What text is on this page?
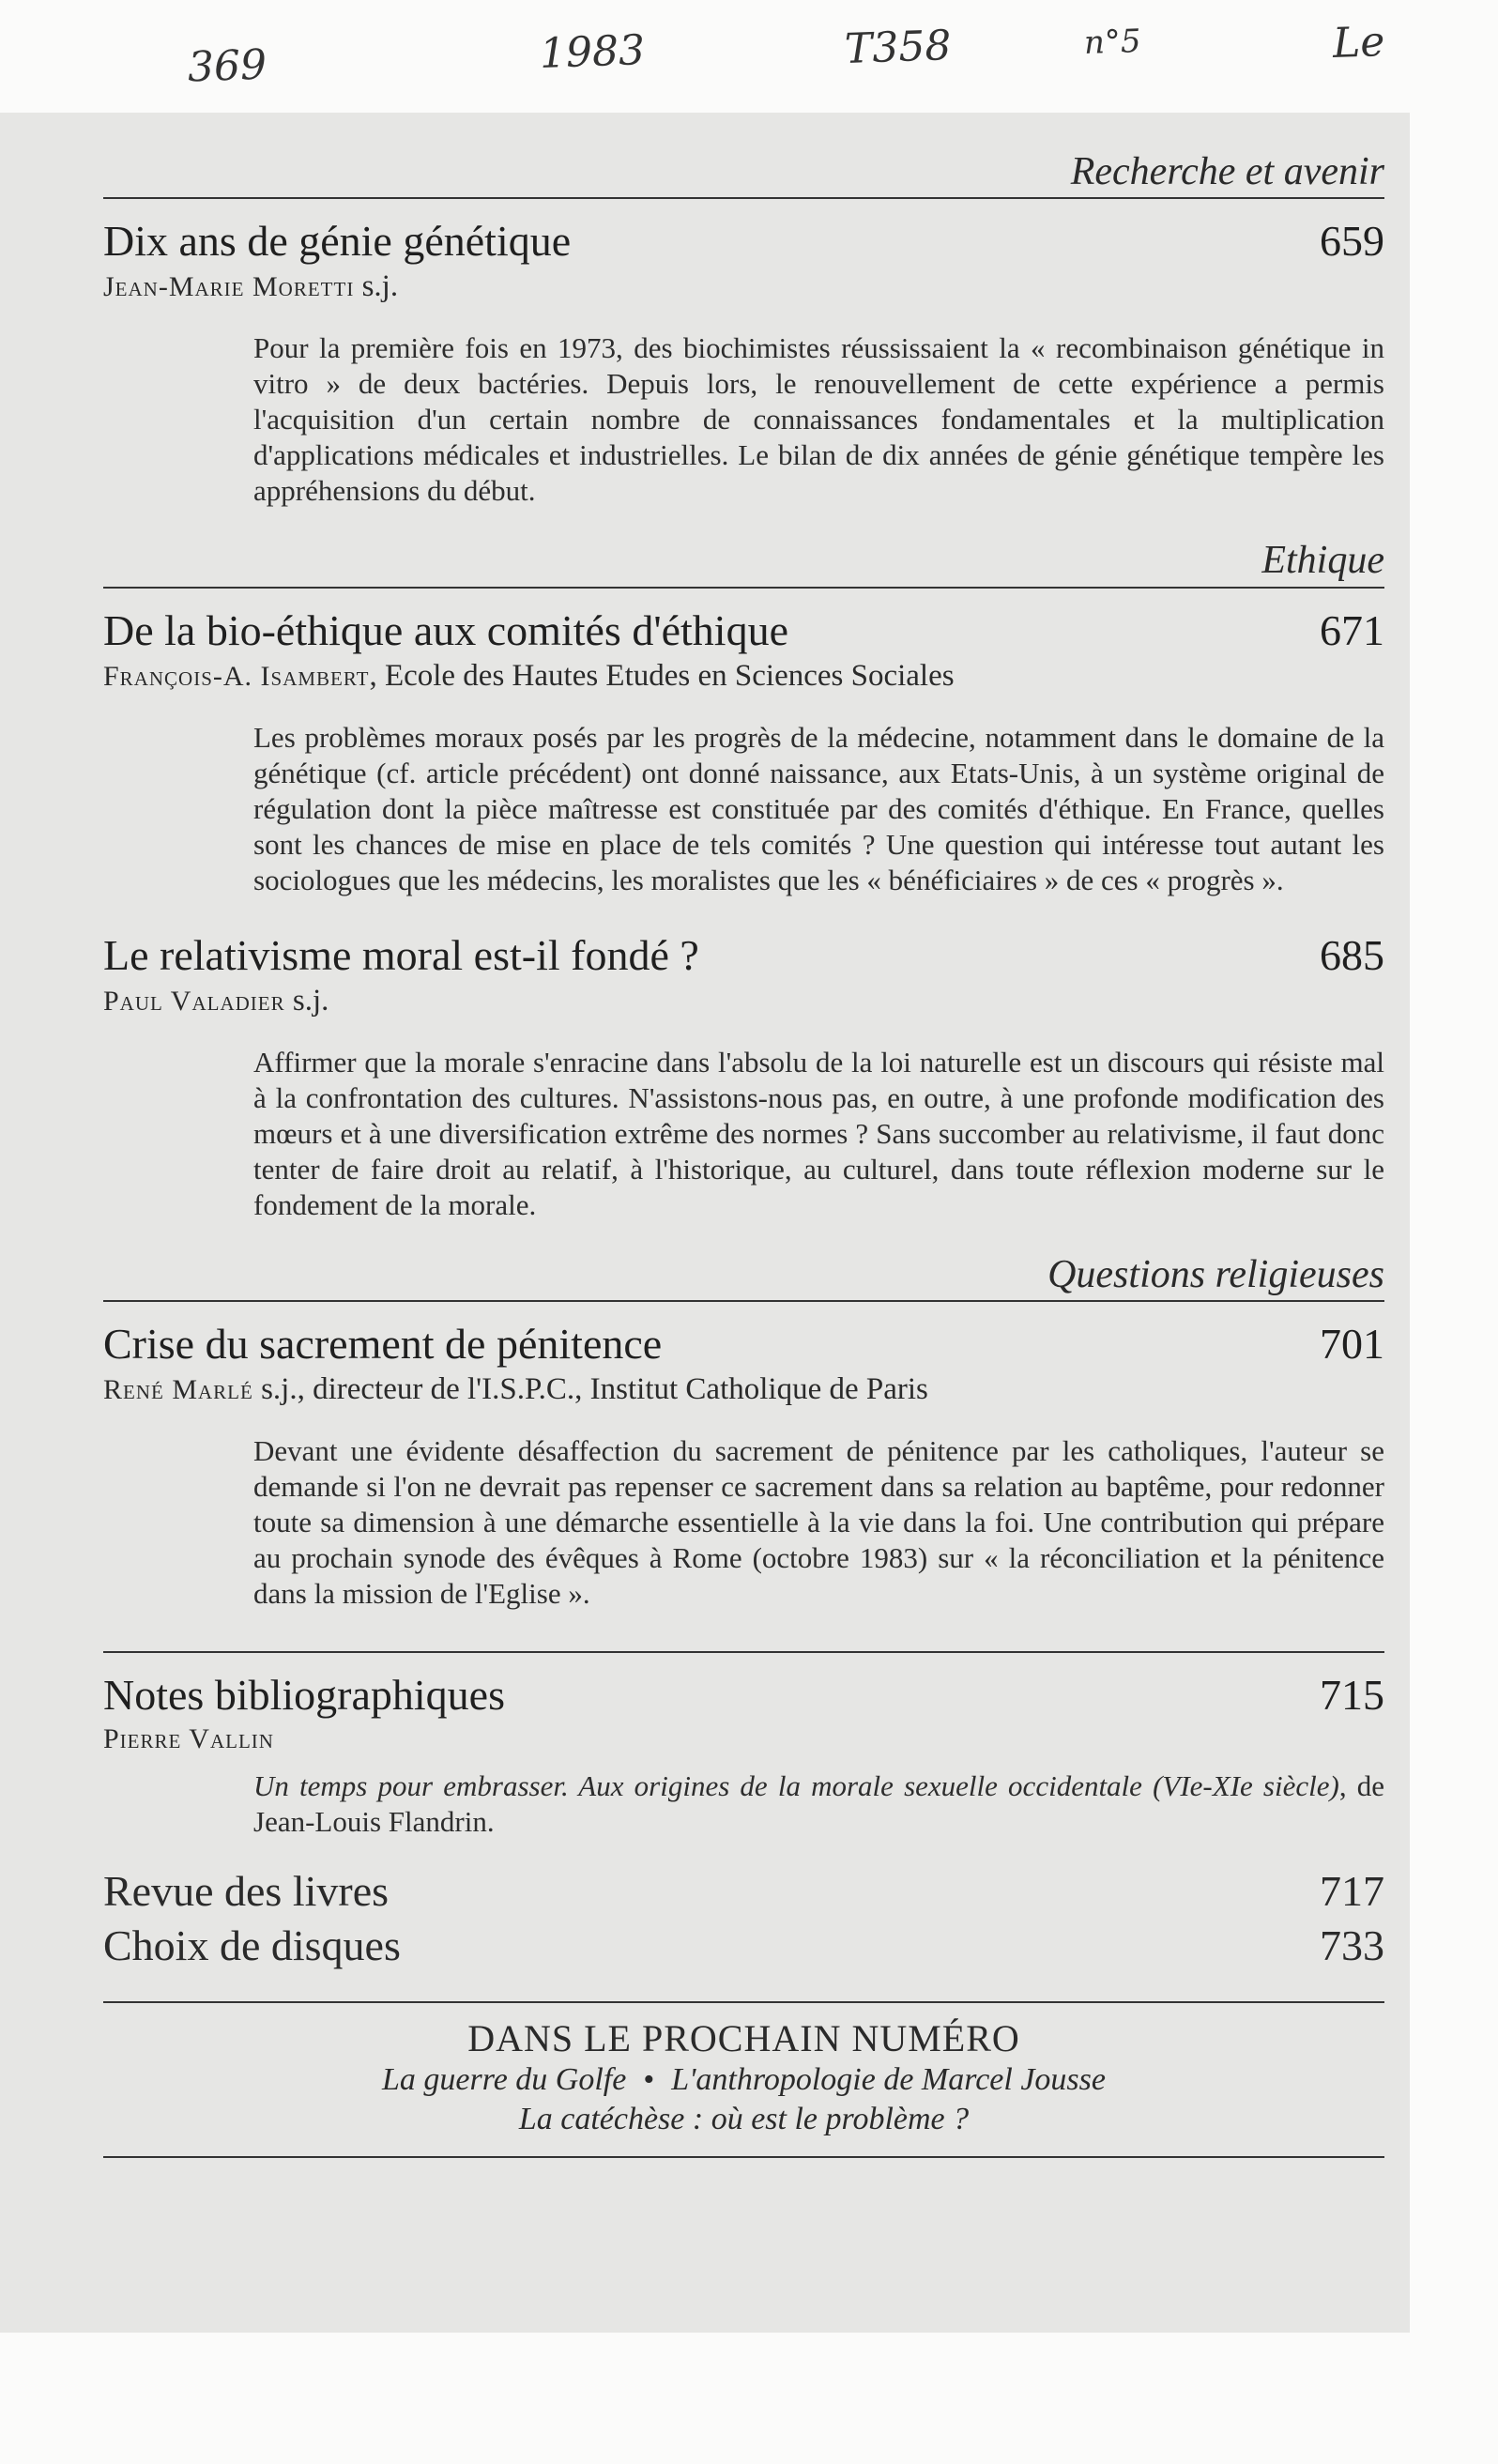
369	1983	T358	n°5	Le
Recherche et avenir
Dix ans de génie génétique	659
Jean-Marie Moretti s.j.
Pour la première fois en 1973, des biochimistes réussissaient la « recombinaison génétique in vitro » de deux bactéries. Depuis lors, le renouvellement de cette expérience a permis l'acquisition d'un certain nombre de connaissances fondamentales et la multiplication d'applications médicales et industrielles. Le bilan de dix années de génie génétique tempère les appréhensions du début.
Ethique
De la bio-éthique aux comités d'éthique	671
François-A. Isambert, Ecole des Hautes Etudes en Sciences Sociales
Les problèmes moraux posés par les progrès de la médecine, notamment dans le domaine de la génétique (cf. article précédent) ont donné naissance, aux Etats-Unis, à un système original de régulation dont la pièce maîtresse est constituée par des comités d'éthique. En France, quelles sont les chances de mise en place de tels comités ? Une question qui intéresse tout autant les sociologues que les médecins, les moralistes que les « bénéficiaires » de ces « progrès ».
Le relativisme moral est-il fondé ?	685
Paul Valadier s.j.
Affirmer que la morale s'enracine dans l'absolu de la loi naturelle est un discours qui résiste mal à la confrontation des cultures. N'assistons-nous pas, en outre, à une profonde modification des mœurs et à une diversification extrême des normes ? Sans succomber au relativisme, il faut donc tenter de faire droit au relatif, à l'historique, au culturel, dans toute réflexion moderne sur le fondement de la morale.
Questions religieuses
Crise du sacrement de pénitence	701
René Marlé s.j., directeur de l'I.S.P.C., Institut Catholique de Paris
Devant une évidente désaffection du sacrement de pénitence par les catholiques, l'auteur se demande si l'on ne devrait pas repenser ce sacrement dans sa relation au baptême, pour redonner toute sa dimension à une démarche essentielle à la vie dans la foi. Une contribution qui prépare au prochain synode des évêques à Rome (octobre 1983) sur « la réconciliation et la pénitence dans la mission de l'Eglise ».
Notes bibliographiques	715
Pierre Vallin
Un temps pour embrasser. Aux origines de la morale sexuelle occidentale (VIe-XIe siècle), de Jean-Louis Flandrin.
Revue des livres	717
Choix de disques	733
DANS LE PROCHAIN NUMÉRO
La guerre du Golfe • L'anthropologie de Marcel Jousse
La catéchèse : où est le problème ?
